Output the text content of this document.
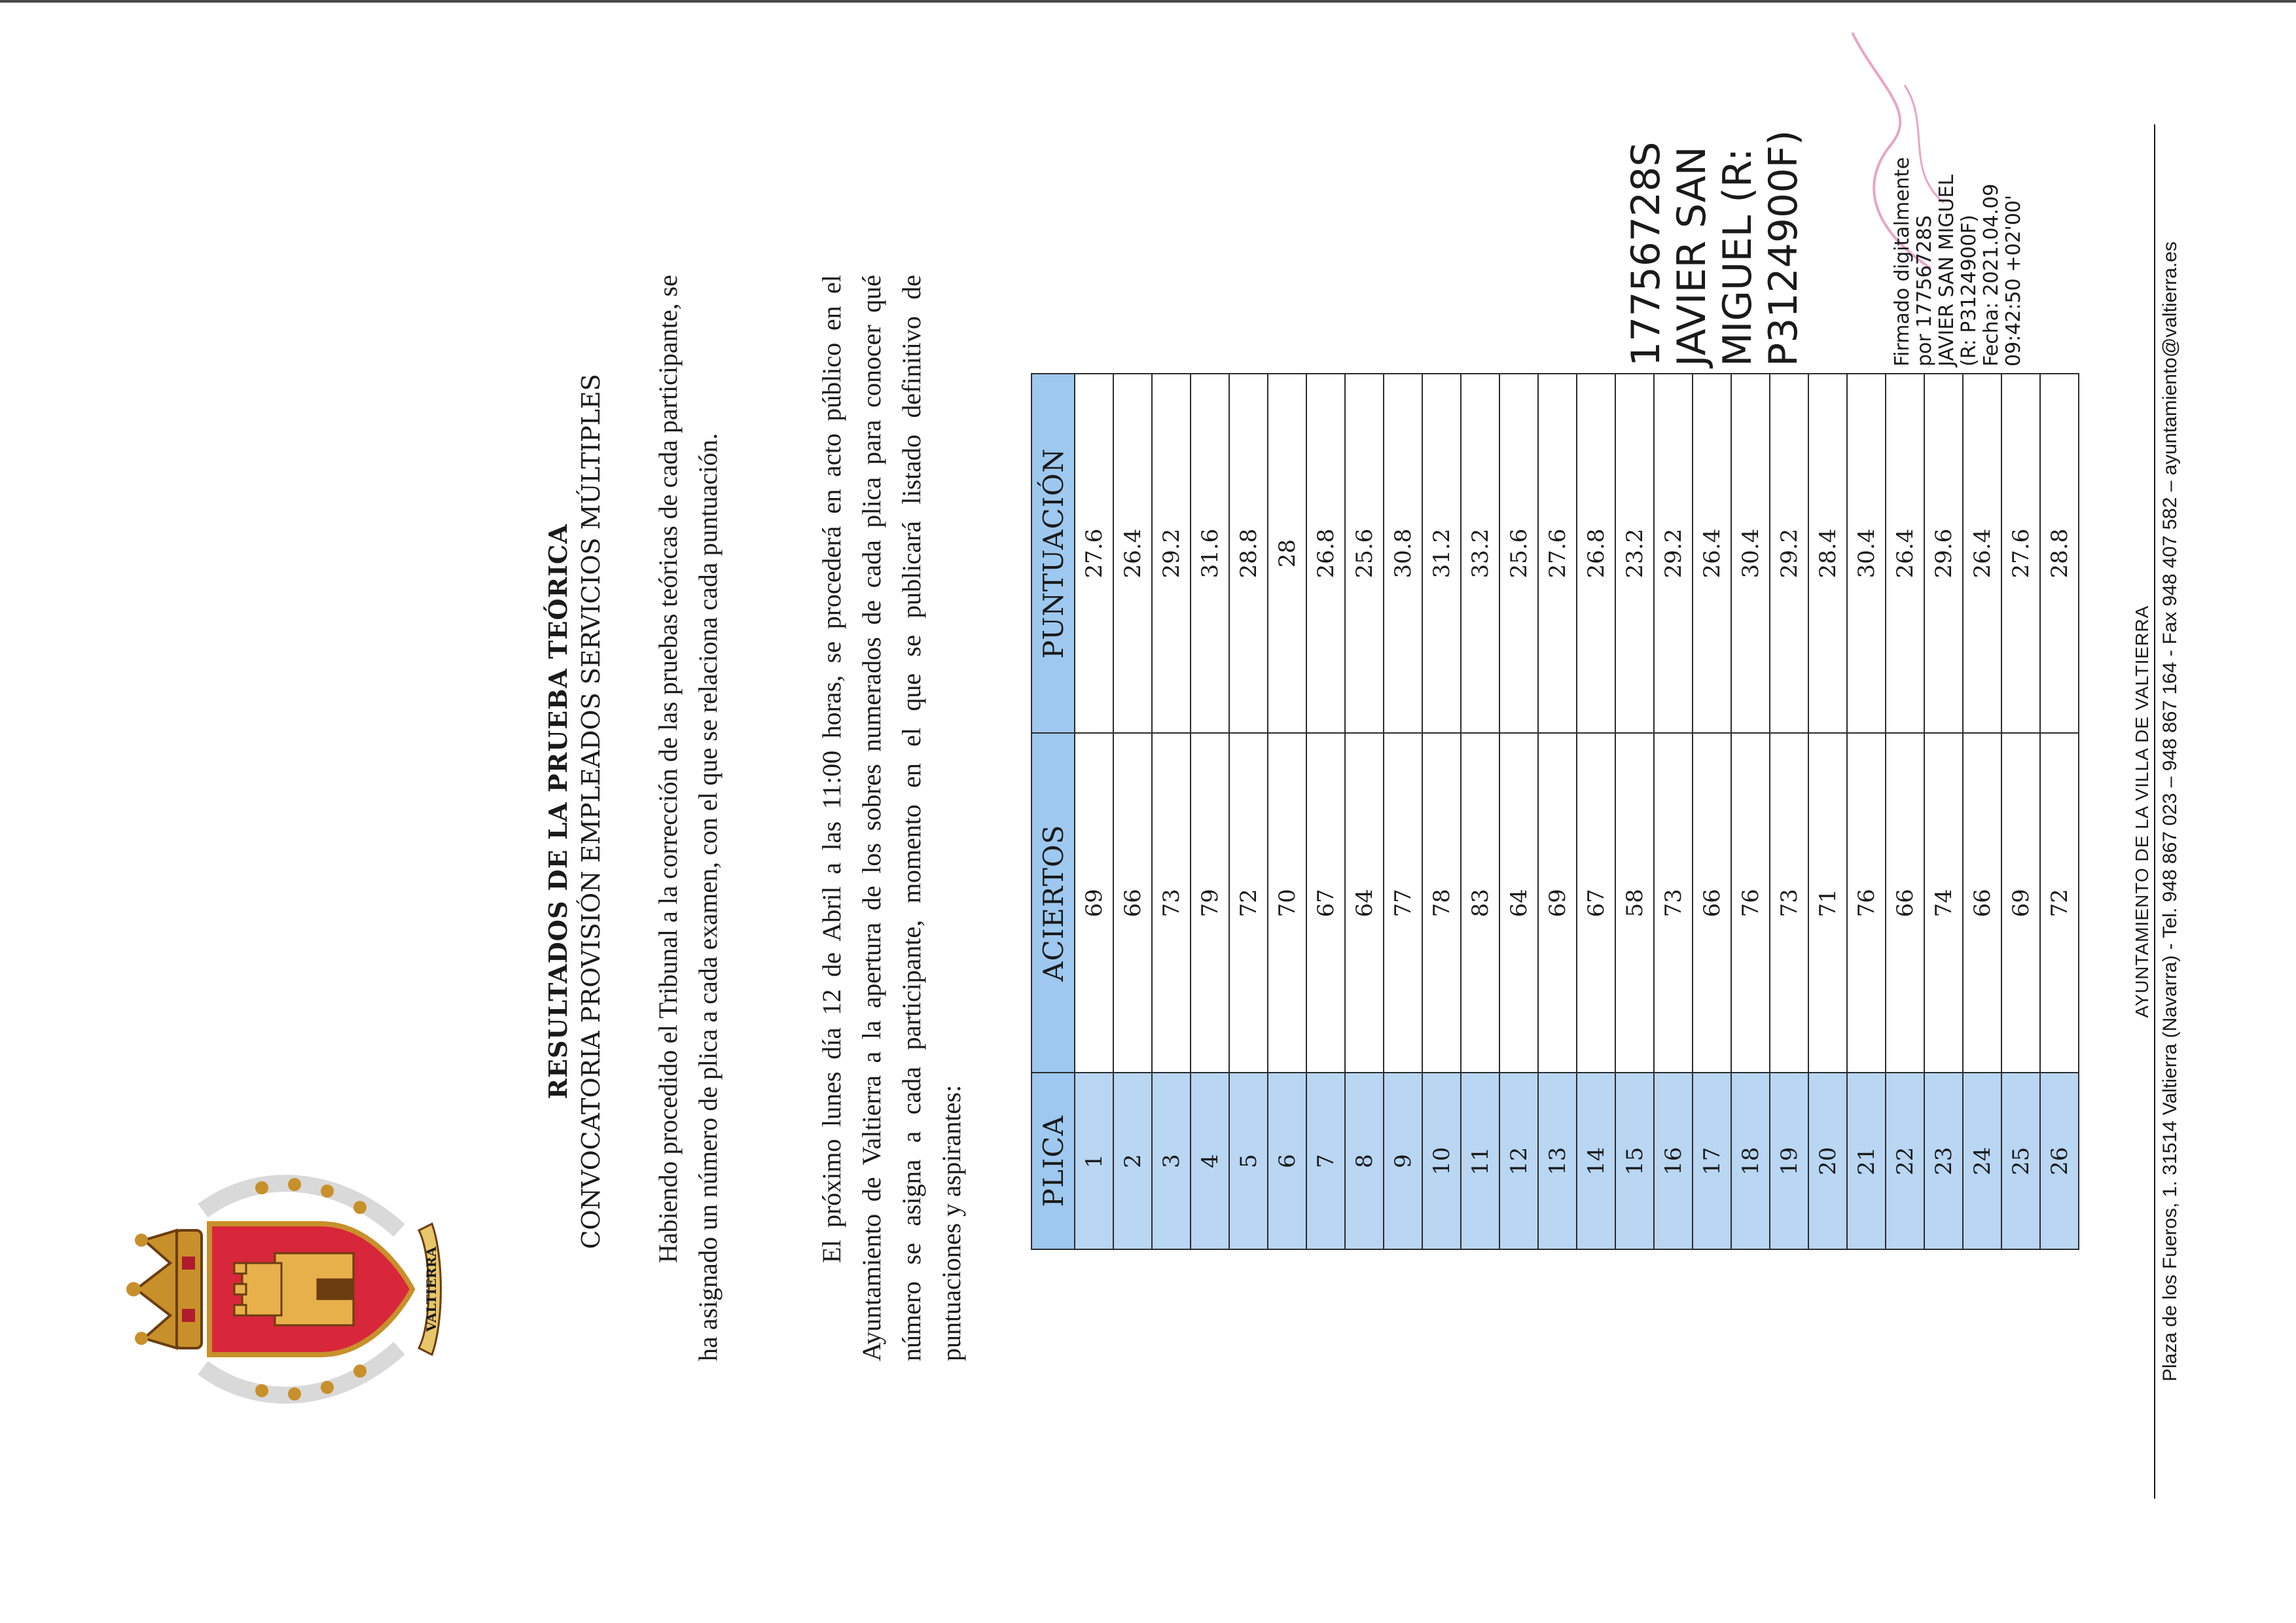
VALTIERRA
RESULTADOS DE LA PRUEBA TEÓRICA CONVOCATORIA PROVISIÓN EMPLEADOS SERVICIOS MÚLTIPLES Habiendo procedido el Tribunal a la corrección de las pruebas teóricas de cada participante, se ha asignado un número de plica a cada examen, con el que se relaciona cada puntuación.	El próximo lunes día 12 de Abril a las 11:00 horas, se procederá en acto público en el Ayuntamiento de Valtierra a la apertura de los sobres numerados de cada plica para conocer qué número se asigna a cada participante, momento en el que se publicará listado definitivo de puntuaciones y aspirantes:	PLICA	ACIERTOS	PUNTUACIÓN
1	69	27.6
2	66	26.4
3	73	29.2
4	79	31.6
5	72	28.8
6	70	28
7	67	26.8
8	64	25.6
9	77	30.8
10	78	31.2
11	83	33.2
12	64	25.6
13	69	27.6
14	67	26.8
15	58	23.2
16	73	29.2
17	66	26.4
18	76	30.4
19	73	29.2
20	71	28.4
21	76	30.4
22	66	26.4
23	74	29.6
24	66	26.4
25	69	27.6
26	72	28.8
17756728S JAVIER SAN MIGUEL (R: P3124900F)	Firmado digitalmente por 17756728S JAVIER SAN MIGUEL (R: P3124900F) Fecha: 2021.04.09 09:42:50 +02'00'
AYUNTAMIENTO DE LA VILLA DE VALTIERRA Plaza de los Fueros, 1. 31514 Valtierra (Navarra) - Tel. 948 867 023 – 948 867 164 - Fax 948 407 582 – ayuntamiento@valtierra.es
